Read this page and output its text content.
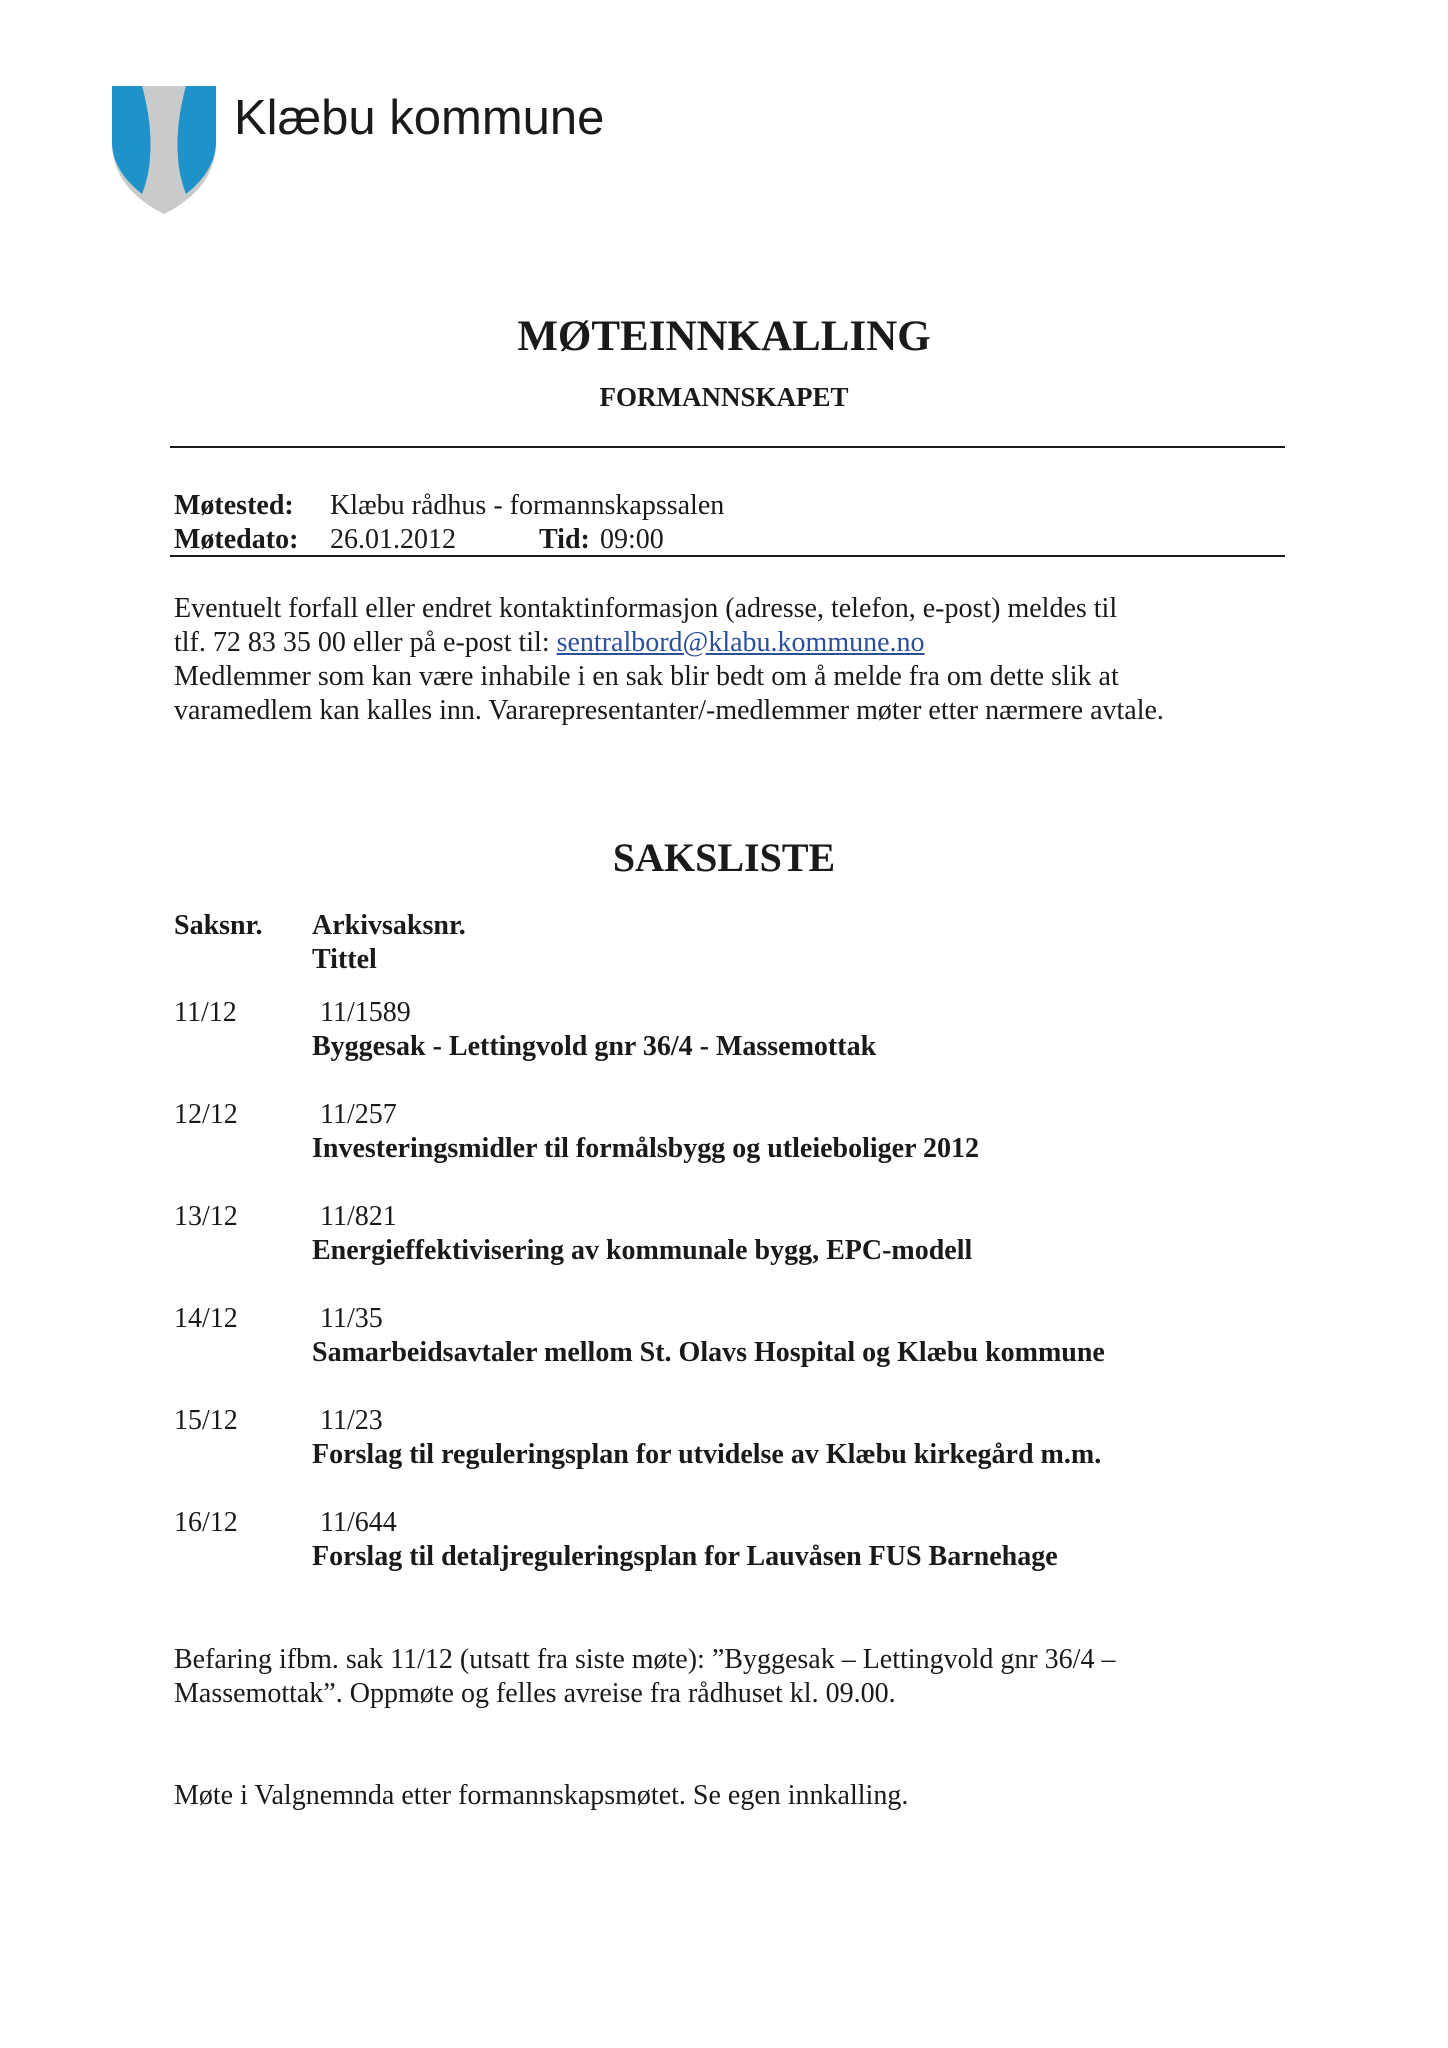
Klæbu kommune
MØTEINNKALLING
FORMANNSKAPET
Møtested: Klæbu rådhus - formannskapssalen
Møtedato: 26.01.2012	Tid: 09:00
Eventuelt forfall eller endret kontaktinformasjon (adresse, telefon, e-post) meldes til
tlf. 72 83 35 00 eller på e-post til: sentralbord@klabu.kommune.no
Medlemmer som kan være inhabile i en sak blir bedt om å melde fra om dette slik at
varamedlem kan kalles inn. Vararepresentanter/-medlemmer møter etter nærmere avtale.
SAKSLISTE
Saksnr. Arkivsaksnr.
Tittel
11/12	11/1589
Byggesak - Lettingvold gnr 36/4 - Massemottak
12/12	11/257
Investeringsmidler til formålsbygg og utleieboliger 2012
13/12	11/821
Energieffektivisering av kommunale bygg, EPC-modell
14/12	11/35
Samarbeidsavtaler mellom St. Olavs Hospital og Klæbu kommune
15/12	11/23
Forslag til reguleringsplan for utvidelse av Klæbu kirkegård m.m.
16/12	11/644
Forslag til detaljreguleringsplan for Lauvåsen FUS Barnehage
Befaring ifbm. sak 11/12 (utsatt fra siste møte): ”Byggesak – Lettingvold gnr 36/4 –
Massemottak”. Oppmøte og felles avreise fra rådhuset kl. 09.00.
Møte i Valgnemnda etter formannskapsmøtet. Se egen innkalling.
